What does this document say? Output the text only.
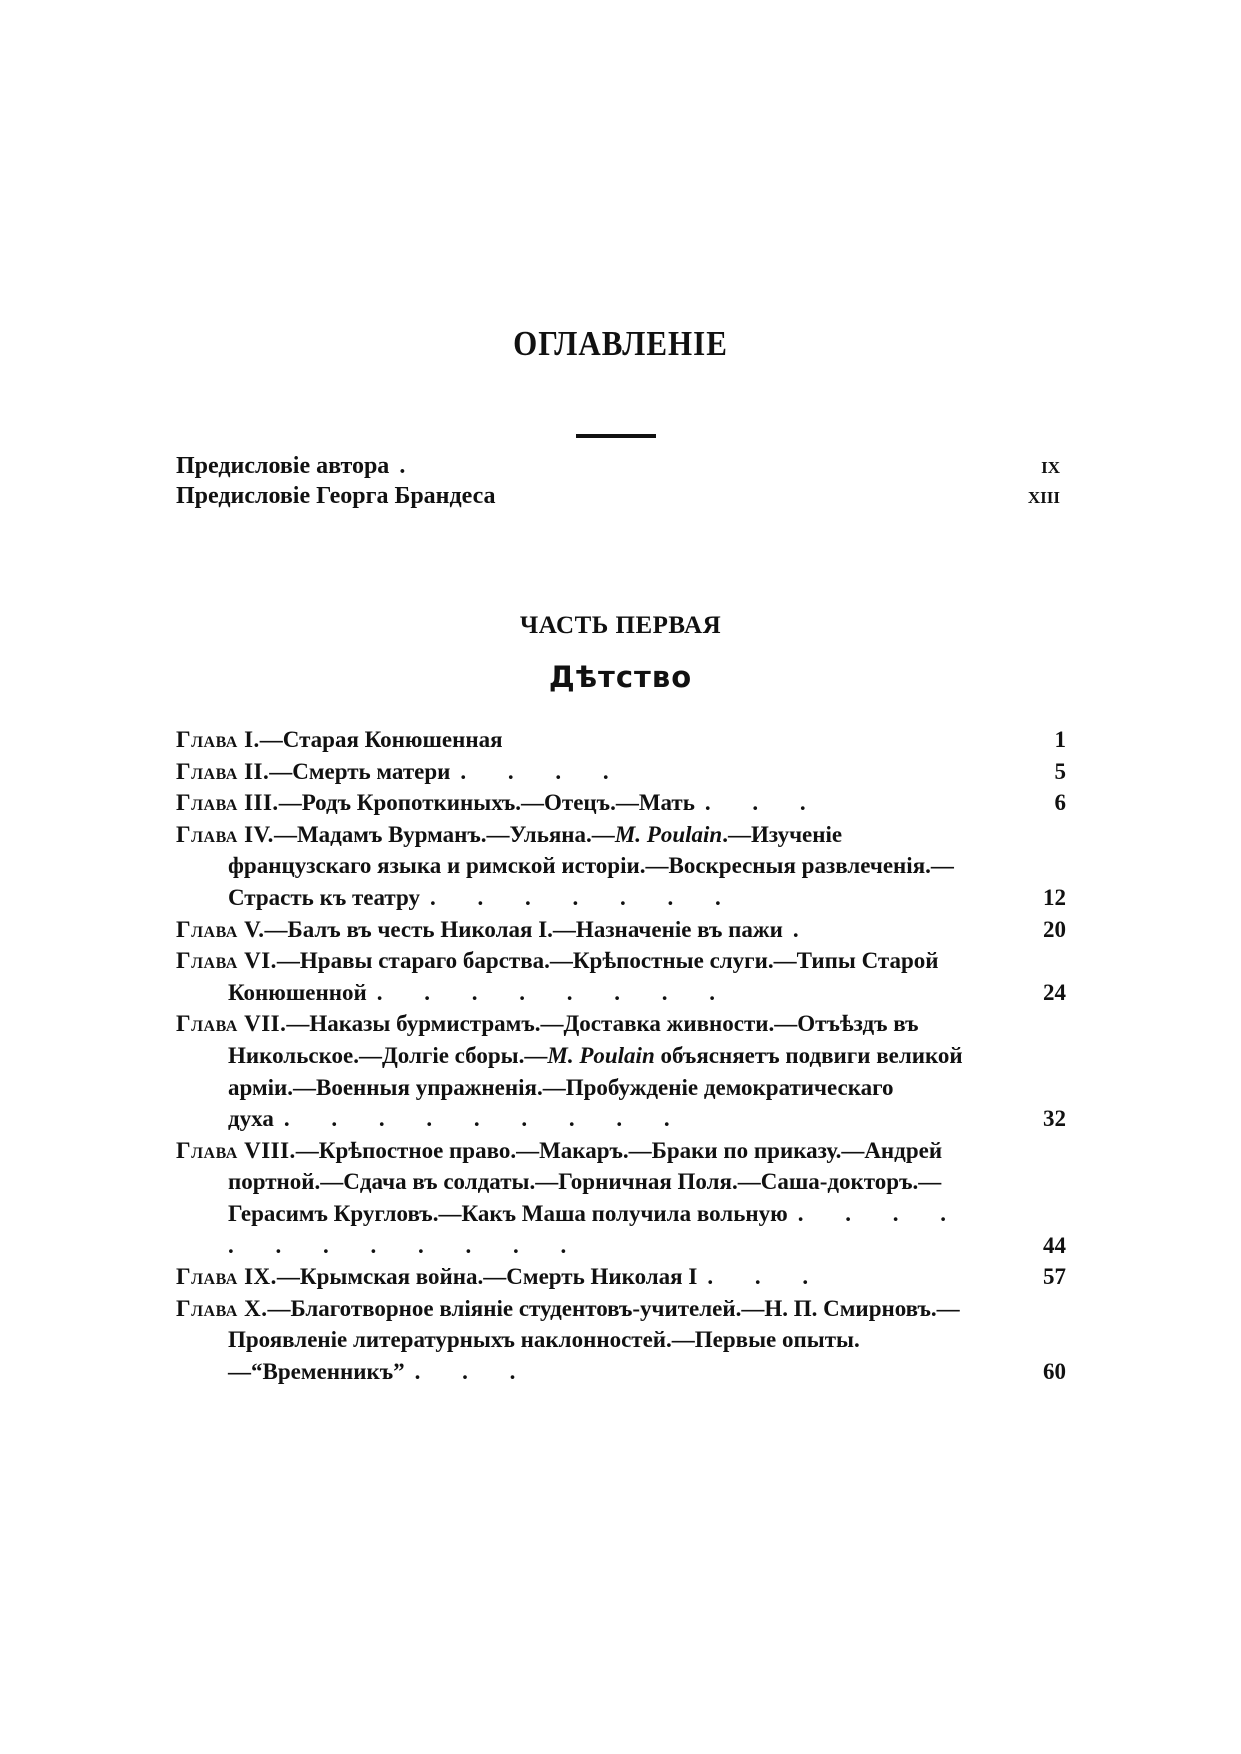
ОГЛАВЛЕНІЕ
Предисловіе автора .	ix
Предисловіе Георга Брандеса	xiii
ЧАСТЬ ПЕРВАЯ
Дѣтство
Глава I.—Старая Конюшенная	1
Глава II.—Смерть матери . . . .	5
Глава III.—Родъ Кропоткиныхъ.—Отецъ.—Мать . . .	6
Глава IV.—Мадамъ Вурманъ.—Ульяна.—M. Poulain.—Изученіе французскаго языка и римской исторіи.—Воскресныя развлеченія.—Страсть къ театру . . . . . . .	12
Глава V.—Балъ въ честь Николая I.—Назначеніе въ пажи .	20
Глава VI.—Нравы стараго барства.—Крѣпостные слуги.—Типы Старой Конюшенной . . . . . . . .	24
Глава VII.—Наказы бурмистрамъ.—Доставка живности.—Отъѣздъ въ Никольское.—Долгіе сборы.—M. Poulain объясняетъ подвиги великой арміи.—Военныя упражненія.—Пробужденіе демократическаго духа . . . . . . . . .	32
Глава VIII.—Крѣпостное право.—Макаръ.—Браки по приказу.—Андрей портной.—Сдача въ солдаты.—Горничная Поля.—Саша-докторъ.—Герасимъ Кругловъ.—Какъ Маша получила вольную . . . . . . . . . . . .	44
Глава IX.—Крымская война.—Смерть Николая I . . .	57
Глава X.—Благотворное вліяніе студентовъ-учителей.—Н. П. Смирновъ.—Проявленіе литературныхъ наклонностей.—Первые опыты.—“Временникъ” . . .	60
